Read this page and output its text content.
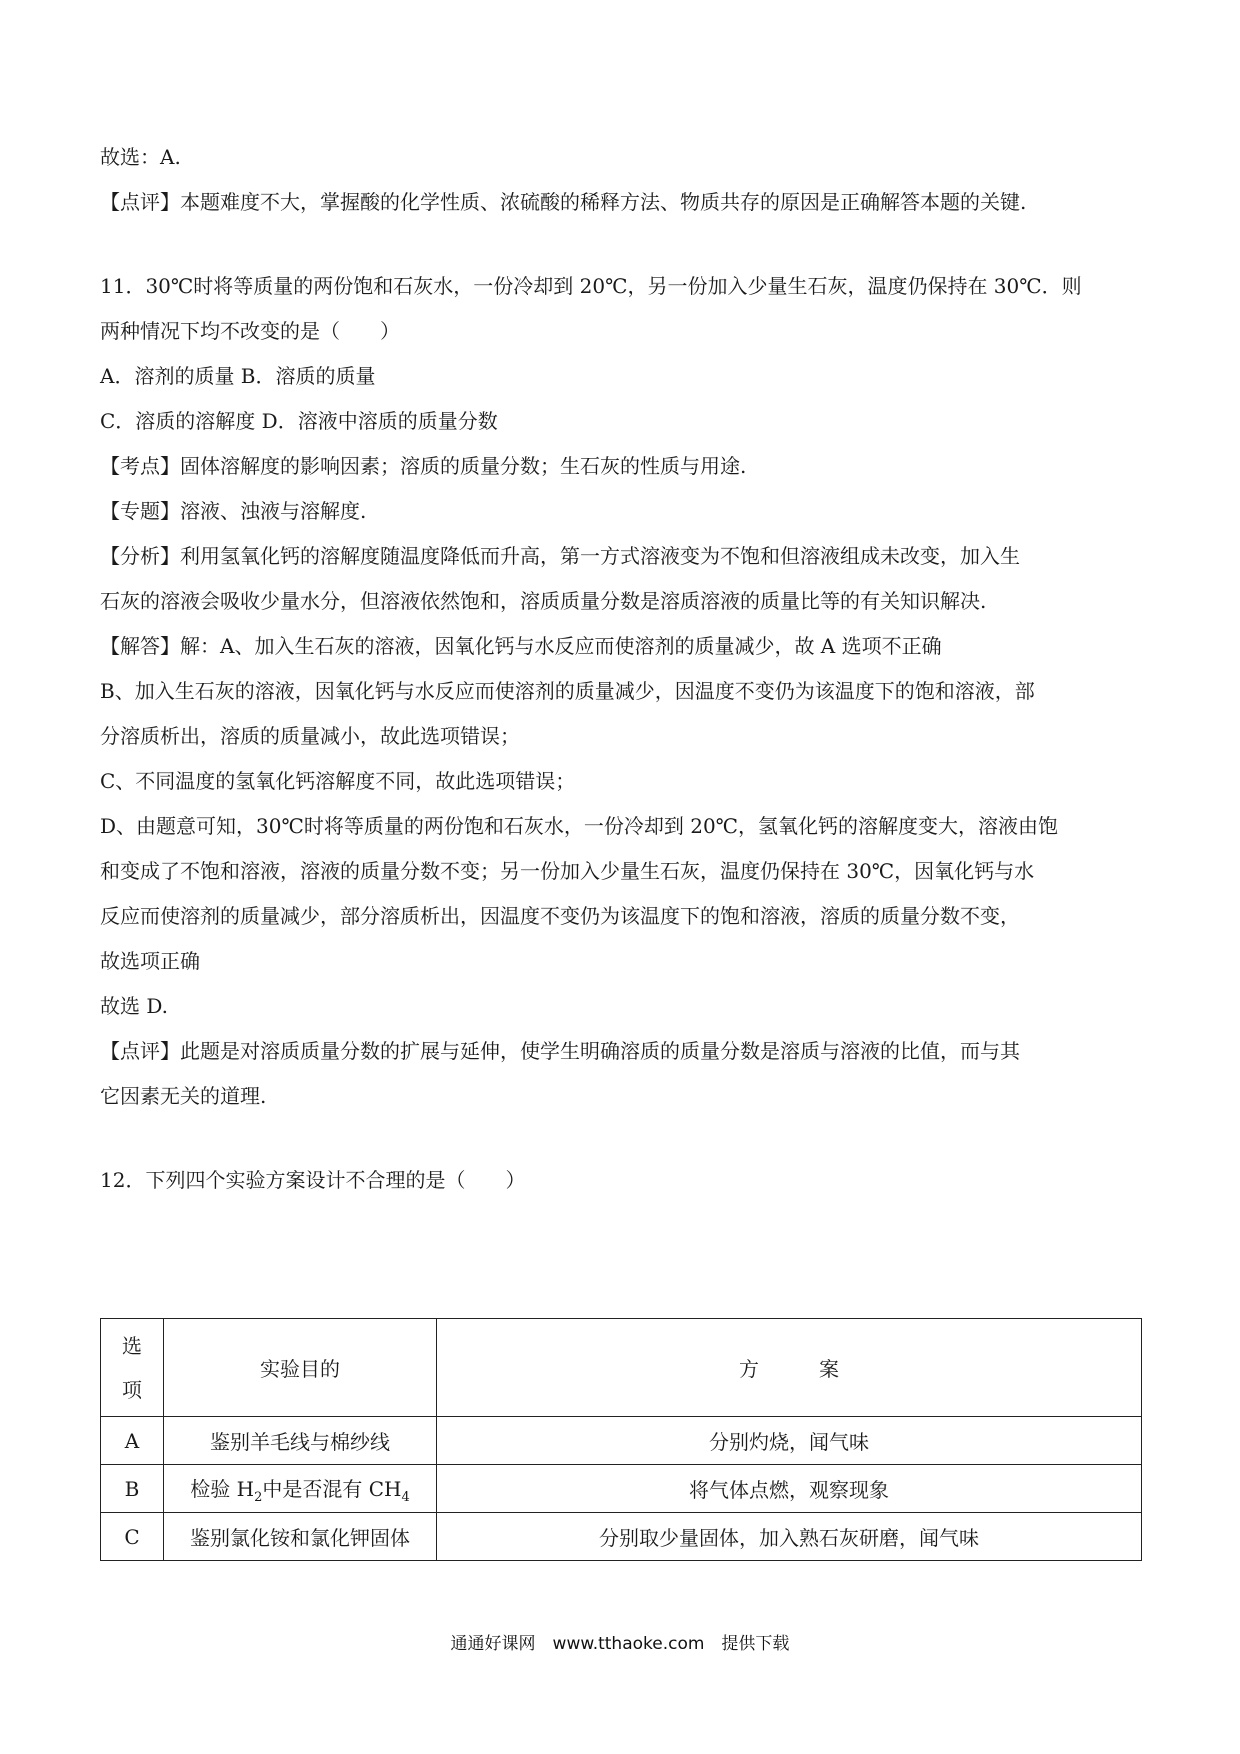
故选：A.
【点评】本题难度不大，掌握酸的化学性质、浓硫酸的稀释方法、物质共存的原因是正确解答本题的关键.
11．30℃时将等质量的两份饱和石灰水，一份冷却到 20℃，另一份加入少量生石灰，温度仍保持在 30℃．则
两种情况下均不改变的是（　　）
A．溶剂的质量 B．溶质的质量
C．溶质的溶解度 D．溶液中溶质的质量分数
【考点】固体溶解度的影响因素；溶质的质量分数；生石灰的性质与用途.
【专题】溶液、浊液与溶解度.
【分析】利用氢氧化钙的溶解度随温度降低而升高，第一方式溶液变为不饱和但溶液组成未改变，加入生
石灰的溶液会吸收少量水分，但溶液依然饱和，溶质质量分数是溶质溶液的质量比等的有关知识解决.
【解答】解：A、加入生石灰的溶液，因氧化钙与水反应而使溶剂的质量减少，故 A 选项不正确
B、加入生石灰的溶液，因氧化钙与水反应而使溶剂的质量减少，因温度不变仍为该温度下的饱和溶液，部
分溶质析出，溶质的质量减小，故此选项错误；
C、不同温度的氢氧化钙溶解度不同，故此选项错误；
D、由题意可知，30℃时将等质量的两份饱和石灰水，一份冷却到 20℃，氢氧化钙的溶解度变大，溶液由饱
和变成了不饱和溶液，溶液的质量分数不变；另一份加入少量生石灰，温度仍保持在 30℃，因氧化钙与水
反应而使溶剂的质量减少，部分溶质析出，因温度不变仍为该温度下的饱和溶液，溶质的质量分数不变，
故选项正确
故选 D.
【点评】此题是对溶质质量分数的扩展与延伸，使学生明确溶质的质量分数是溶质与溶液的比值，而与其
它因素无关的道理.
12．下列四个实验方案设计不合理的是（　　）
选
项	实验目的	方　　　案
A	鉴别羊毛线与棉纱线	分别灼烧，闻气味
B	检验 $H_2$中是否混有 $CH_4$	将气体点燃，观察现象
C	鉴别氯化铵和氯化钾固体	分别取少量固体，加入熟石灰研磨，闻气味
通通好课网　www.tthaoke.com　提供下载
